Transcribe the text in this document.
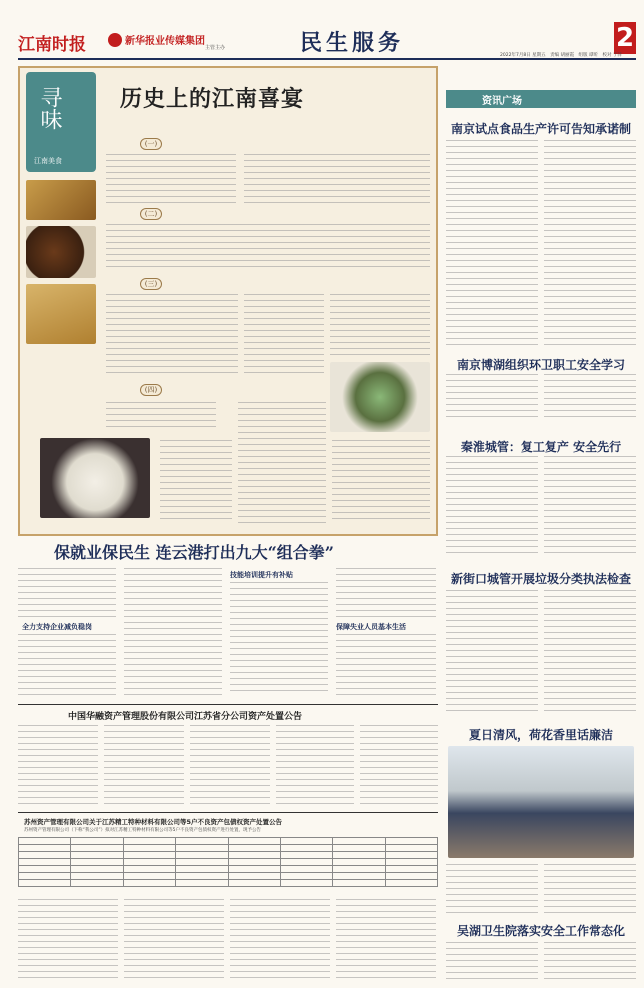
江南时报	新华报业传媒集团
主管主办	民生服务	2
2022年7月8日 星期五　责编 胡丽霞　组版 谭昕　校对 于萍
寻味
江南美食
历史上的江南喜宴
(一)
(二)
(三)
(四)
资讯广场
南京试点食品生产许可告知承诺制
南京博湖组织环卫职工安全学习
秦淮城管：复工复产 安全先行
新街口城管开展垃圾分类执法检查
夏日清风，荷花香里话廉洁
吴湖卫生院落实安全工作常态化
保就业保民生 连云港打出九大“组合拳”
全力支持企业减负稳岗
技能培训提升有补贴
保障失业人员基本生活
中国华融资产管理股份有限公司江苏省分公司资产处置公告
苏州资产管理有限公司关于江苏精工特种材料有限公司等5户不良资产包债权资产处置公告
苏州资产管理有限公司（下称“我公司”）拟对江苏精工特种材料有限公司等5户不良资产包债权资产进行处置，现予公告
